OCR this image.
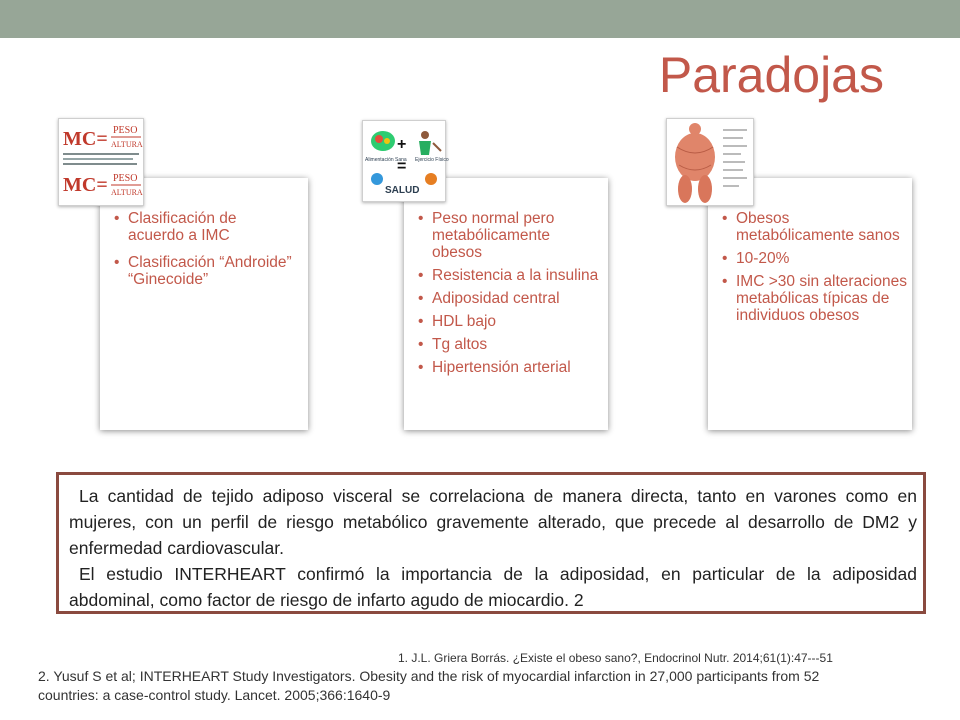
Paradojas
• Clasificación de acuerdo a IMC
• Clasificación “Androide” “Ginecoide”
MC= PESO
ALTURA
MC= PESO
ALTURA
• Peso normal pero metabólicamente obesos
• Resistencia a la insulina
• Adiposidad central
• HDL bajo
• Tg altos
• Hipertensión arterial
Alimentación Sana
+
Ejercicio Físico
=
SALUD
• Obesos metabólicamente sanos
• 10-20%
• IMC >30 sin alteraciones metabólicas típicas de individuos obesos

La cantidad de tejido adiposo visceral se correlaciona de manera directa, tanto en varones como en mujeres, con un perfil de riesgo metabólico gravemente alterado, que precede al desarrollo de DM2 y enfermedad cardiovascular.

El estudio INTERHEART confirmó la importancia de la adiposidad, en particular de la adiposidad abdominal, como factor de riesgo de infarto agudo de miocardio. 2

1. J.L. Griera Borrás. ¿Existe el obeso sano?, Endocrinol Nutr. 2014;61(1):47---51
2. Yusuf S et al; INTERHEART Study Investigators. Obesity and the risk of myocardial infarction in 27,000 participants from 52
countries: a case-control study. Lancet. 2005;366:1640-9
